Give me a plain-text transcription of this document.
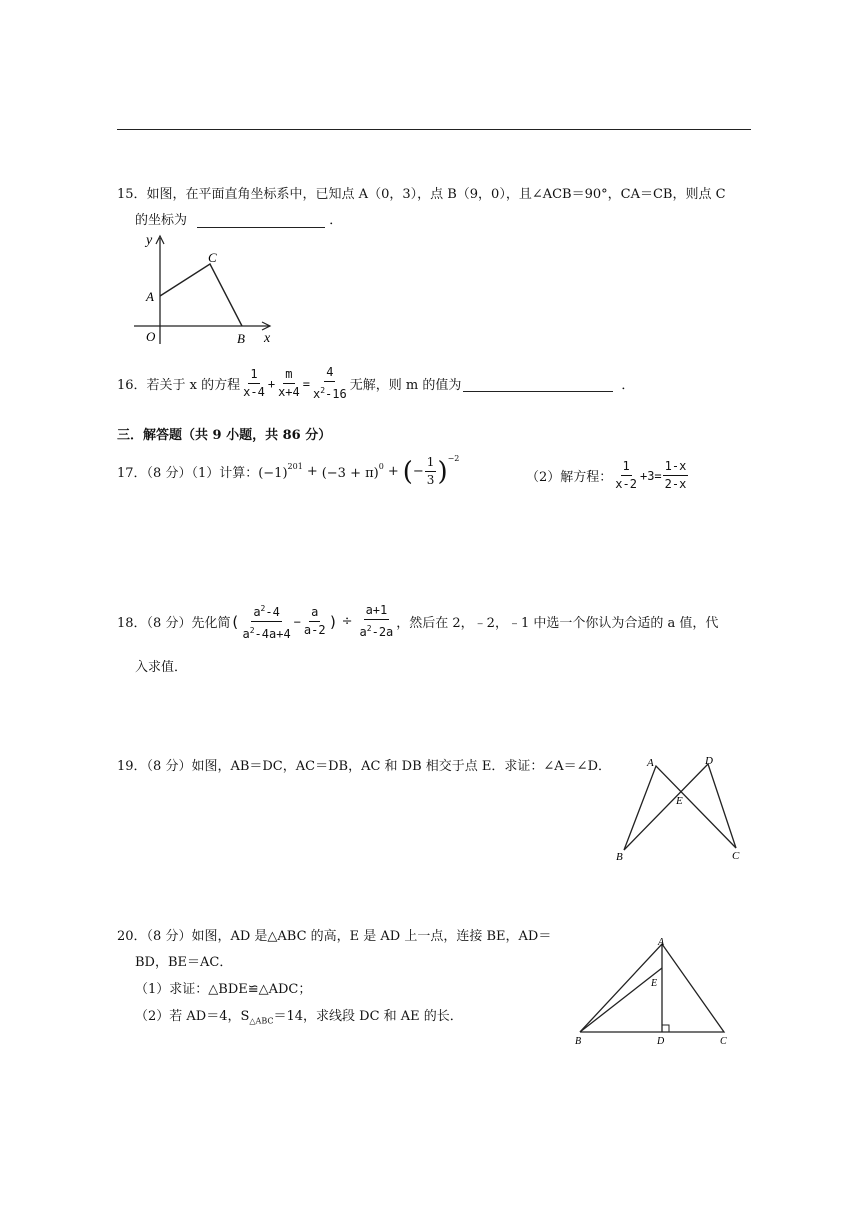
15．如图，在平面直角坐标系中，已知点 A（0，3），点 B（9，0），且∠ACB＝90°，CA＝CB，则点 C
的坐标为	．
y
x
A
C
O	B
16．若关于 x 的方程 $\frac{1}{x-4} + \frac{m}{x+4} = \frac{4}{x^2-16}$ 无解，则 m 的值为	．
三．解答题（共 9 小题，共 86 分）
17．（8 分）（1）计算： $(-1)^{201} + (-3 + \pi)^0$ + ( − $\frac{1}{3} )^{-2}$
（2）解方程： $\frac{1}{x-2} +3= \frac{1-x}{2-x}$
18．（8 分）先化简 ( $\frac{a^2-4}{a^2-4a+4} - \frac{a}{a-2}$ ) ÷ $\frac{a+1}{a^2-2a}$ ，然后在 2，﹣2，﹣1 中选一个你认为合适的 a 值，代
入求值．
19．（8 分）如图，AB＝DC，AC＝DB，AC 和 DB 相交于点 E．求证：∠A＝∠D．	A	D
E
B	C
20．（8 分）如图，AD 是△ABC 的高，E 是 AD 上一点，连接 BE，AD＝
BD，BE＝AC．
（1）求证：△BDE≌△ADC；
（2）若 AD＝4，$S_{\triangle ABC}=14$，求线段 DC 和 AE 的长．
A
E
B	D	C
